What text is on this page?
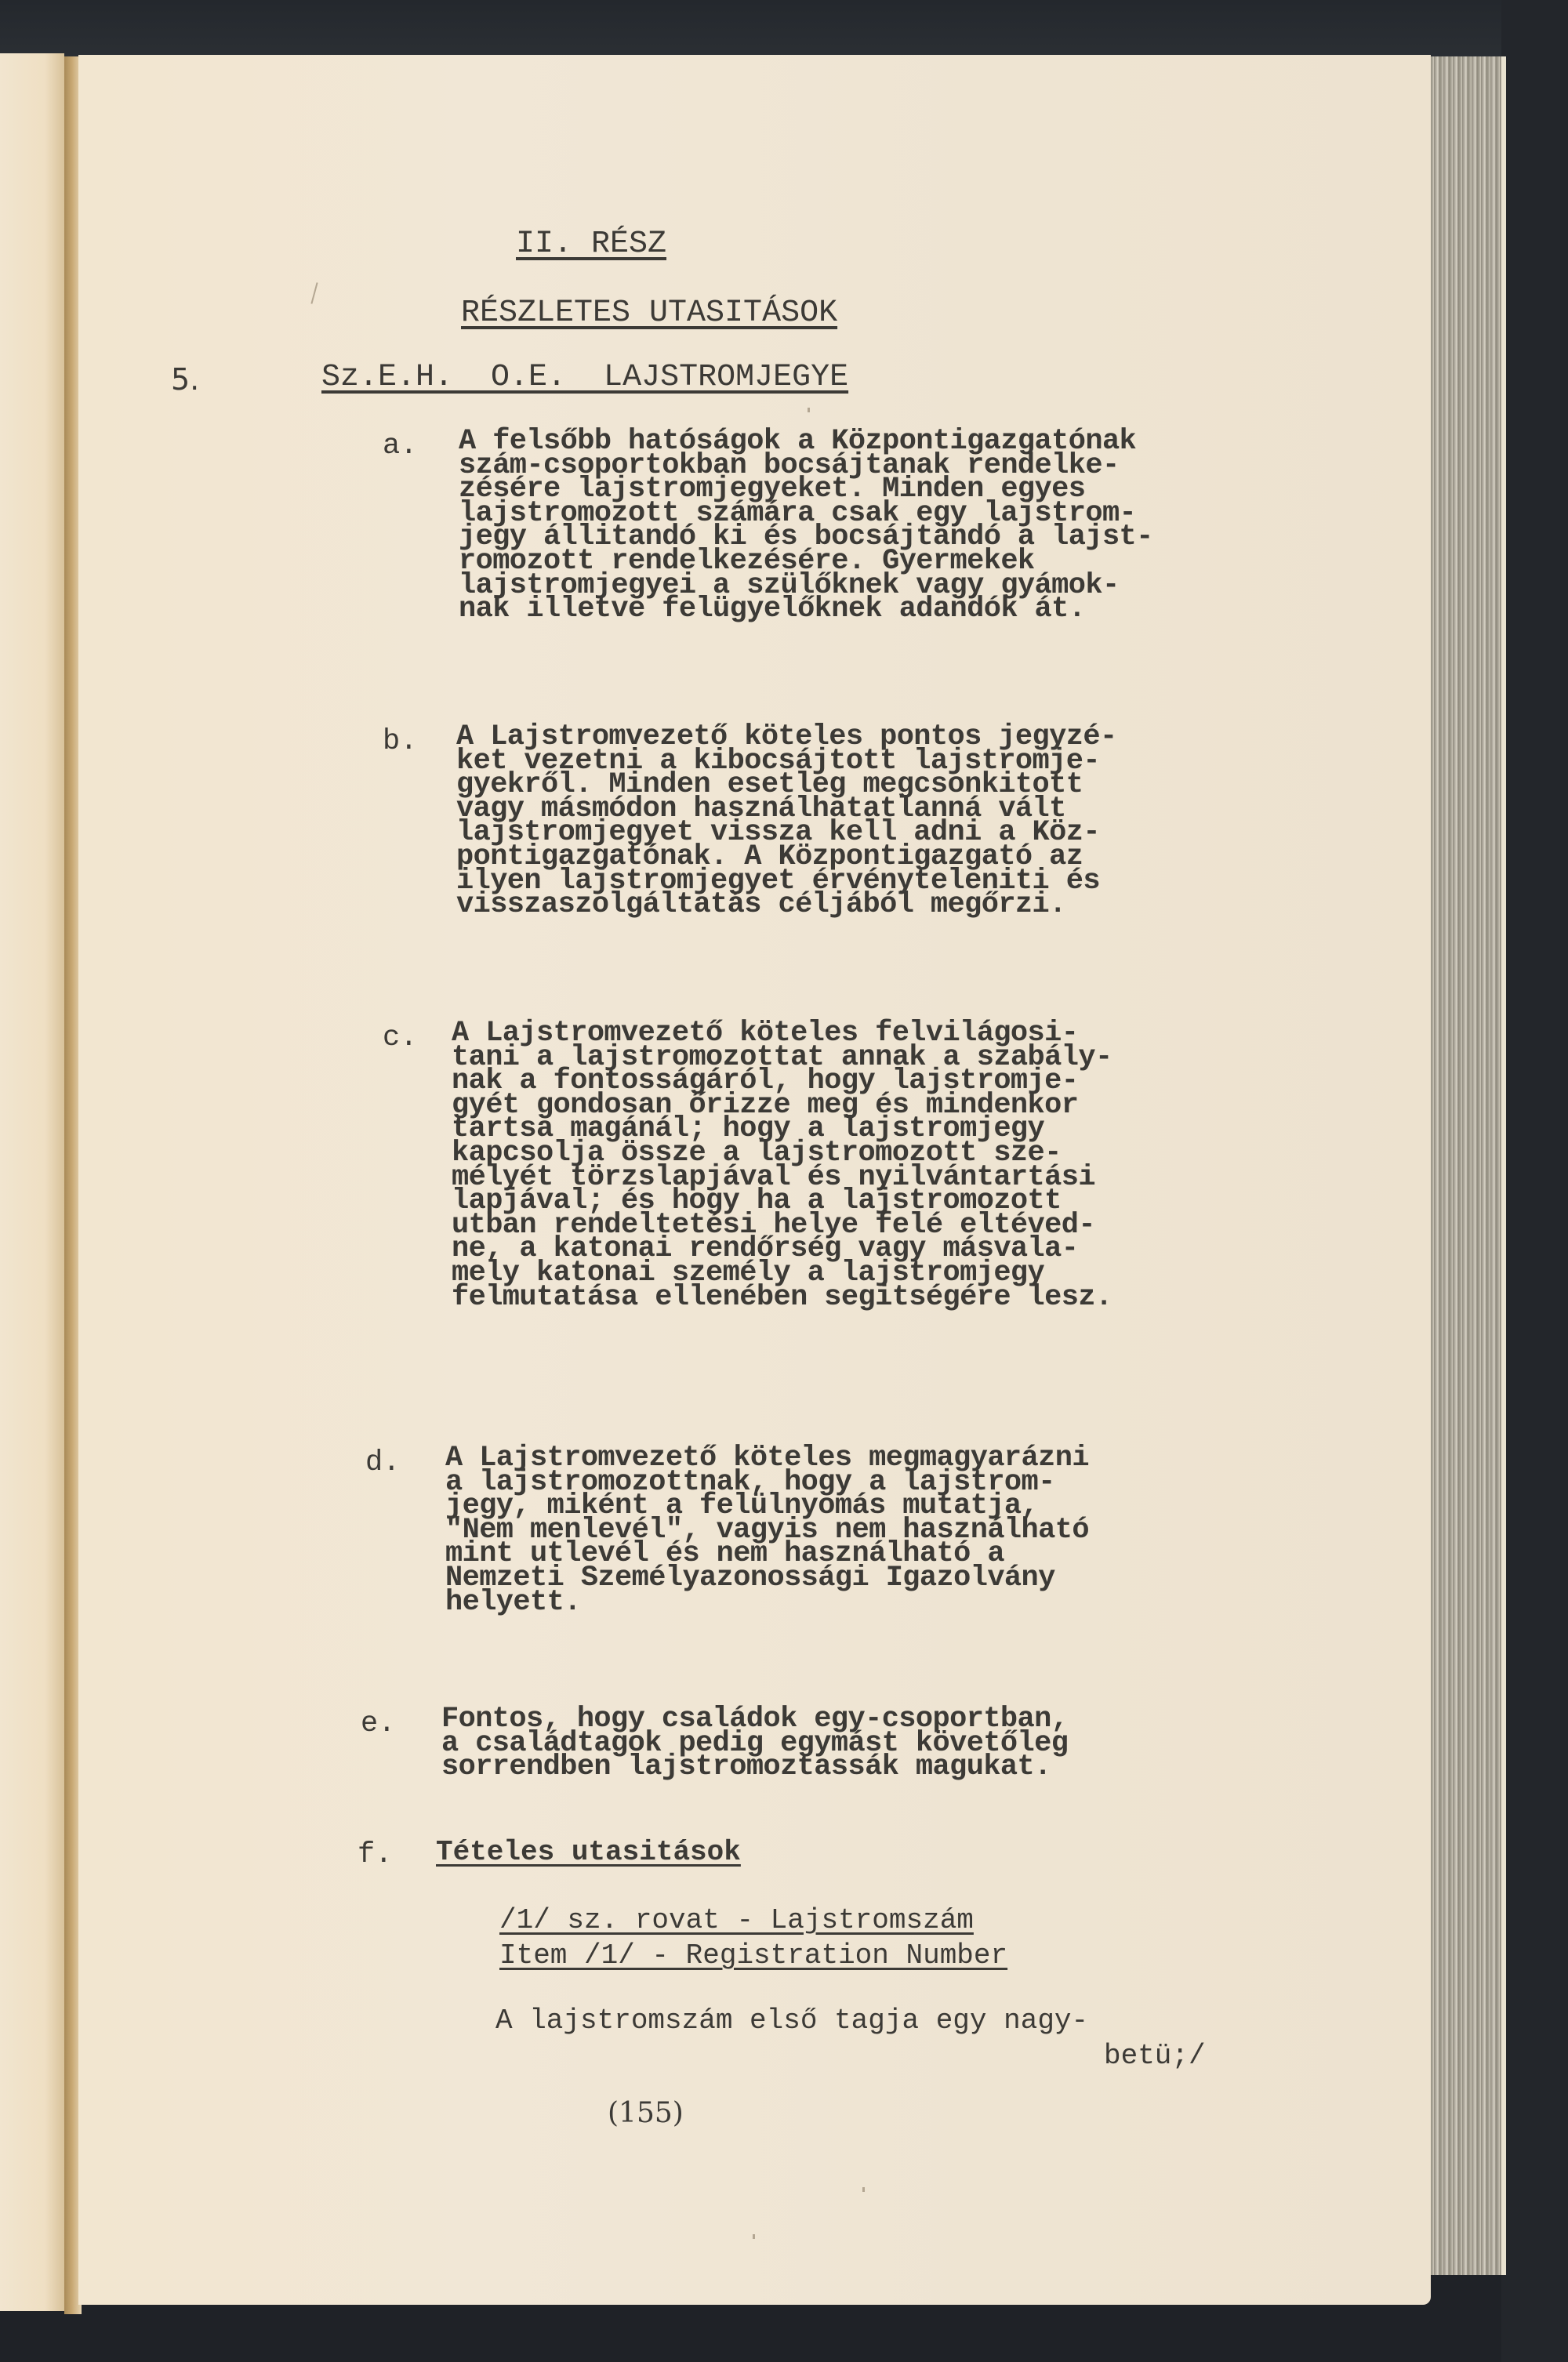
II. RÉSZ
RÉSZLETES UTASITÁSOK
5.	Sz.E.H.  O.E.  LAJSTROMJEGYE
a. A felsőbb hatóságok a Központigazgatónak
szám-csoportokban bocsájtanak rendelke-
zésére lajstromjegyeket. Minden egyes
lajstromozott számára csak egy lajstrom-
jegy állitandó ki és bocsájtandó a lajst-
romozott rendelkezésére. Gyermekek
lajstromjegyei a szülőknek vagy gyámok-
nak illetve felügyelőknek adandók át.
b. A Lajstromvezető köteles pontos jegyzé-
ket vezetni a kibocsájtott lajstromje-
gyekről. Minden esetleg megcsonkitott
vagy másmódon használhatatlanná vált
lajstromjegyet vissza kell adni a Köz-
pontigazgatónak. A Központigazgató az
ilyen lajstromjegyet érvényteleniti és
visszaszolgáltatás céljából megőrzi.
c. A Lajstromvezető köteles felvilágosi-
tani a lajstromozottat annak a szabály-
nak a fontosságáról, hogy lajstromje-
gyét gondosan őrizze meg és mindenkor
tartsa magánál; hogy a lajstromjegy
kapcsolja össze a lajstromozott sze-
mélyét törzslapjával és nyilvántartási
lapjával; és hogy ha a lajstromozott
utban rendeltetési helye felé eltéved-
ne, a katonai rendőrség vagy másvala-
mely katonai személy a lajstromjegy
felmutatása ellenében segitségére lesz.
d. A Lajstromvezető köteles megmagyarázni
a lajstromozottnak, hogy a lajstrom-
jegy, miként a felülnyomás mutatja,
"Nem menlevél", vagyis nem használható
mint utlevél és nem használható a
Nemzeti Személyazonossági Igazolvány
helyett.
e. Fontos, hogy családok egy-csoportban,
a családtagok pedig egymást követőleg
sorrendben lajstromoztassák magukat.
f. Tételes utasitások
/1/ sz. rovat - Lajstromszám
Item /1/ - Registration Number
A lajstromszám első tagja egy nagy-
betü;/
(155)
